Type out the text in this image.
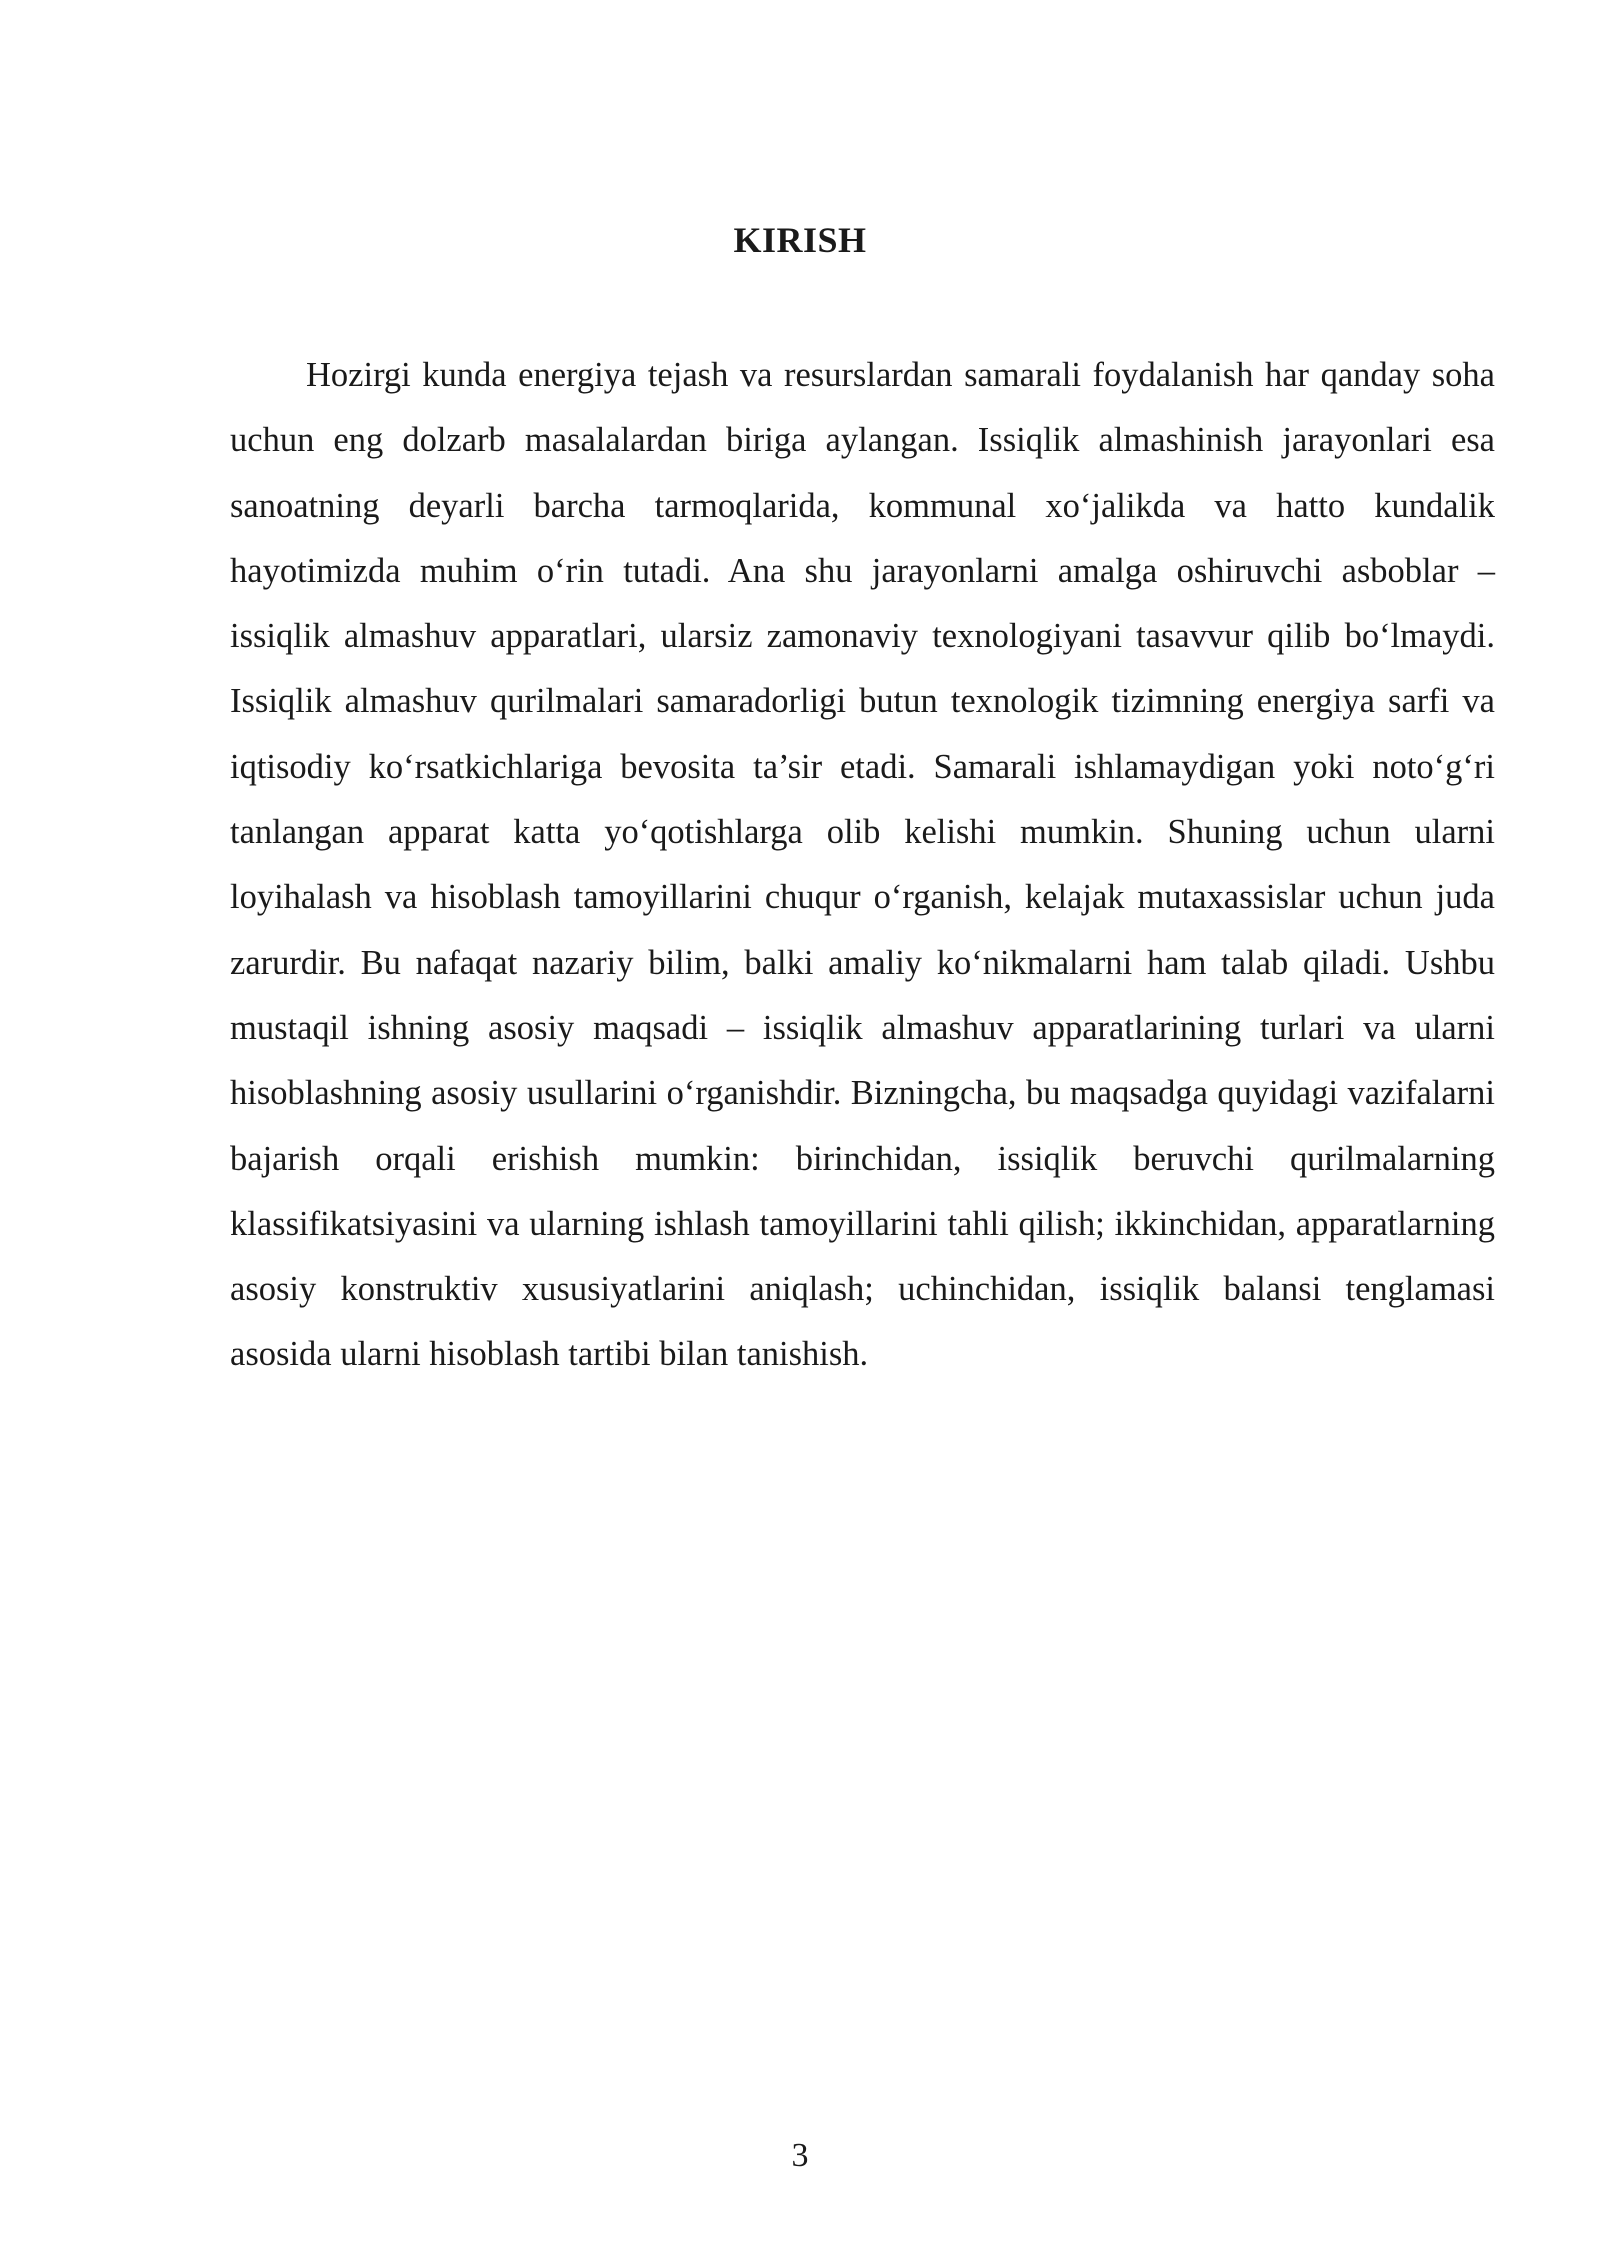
KIRISH

Hozirgi kunda energiya tejash va resurslardan samarali foydalanish har qanday soha uchun eng dolzarb masalalardan biriga aylangan. Issiqlik almashinish jarayonlari esa sanoatning deyarli barcha tarmoqlarida, kommunal xo‘jalikda va hatto kundalik hayotimizda muhim o‘rin tutadi. Ana shu jarayonlarni amalga oshiruvchi asboblar – issiqlik almashuv apparatlari, ularsiz zamonaviy texnologiyani tasavvur qilib bo‘lmaydi. Issiqlik almashuv qurilmalari samaradorligi butun texnologik tizimning energiya sarfi va iqtisodiy ko‘rsatkichlariga bevosita ta’sir etadi. Samarali ishlamaydigan yoki noto‘g‘ri tanlangan apparat katta yo‘qotishlarga olib kelishi mumkin. Shuning uchun ularni loyihalash va hisoblash tamoyillarini chuqur o‘rganish, kelajak mutaxassislar uchun juda zarurdir. Bu nafaqat nazariy bilim, balki amaliy ko‘nikmalarni ham talab qiladi. Ushbu mustaqil ishning asosiy maqsadi – issiqlik almashuv apparatlarining turlari va ularni hisoblashning asosiy usullarini o‘rganishdir. Bizningcha, bu maqsadga quyidagi vazifalarni bajarish orqali erishish mumkin: birinchidan, issiqlik beruvchi qurilmalarning klassifikatsiyasini va ularning ishlash tamoyillarini tahli qilish; ikkinchidan, apparatlarning asosiy konstruktiv xususiyatlarini aniqlash; uchinchidan, issiqlik balansi tenglamasi asosida ularni hisoblash tartibi bilan tanishish.

3
